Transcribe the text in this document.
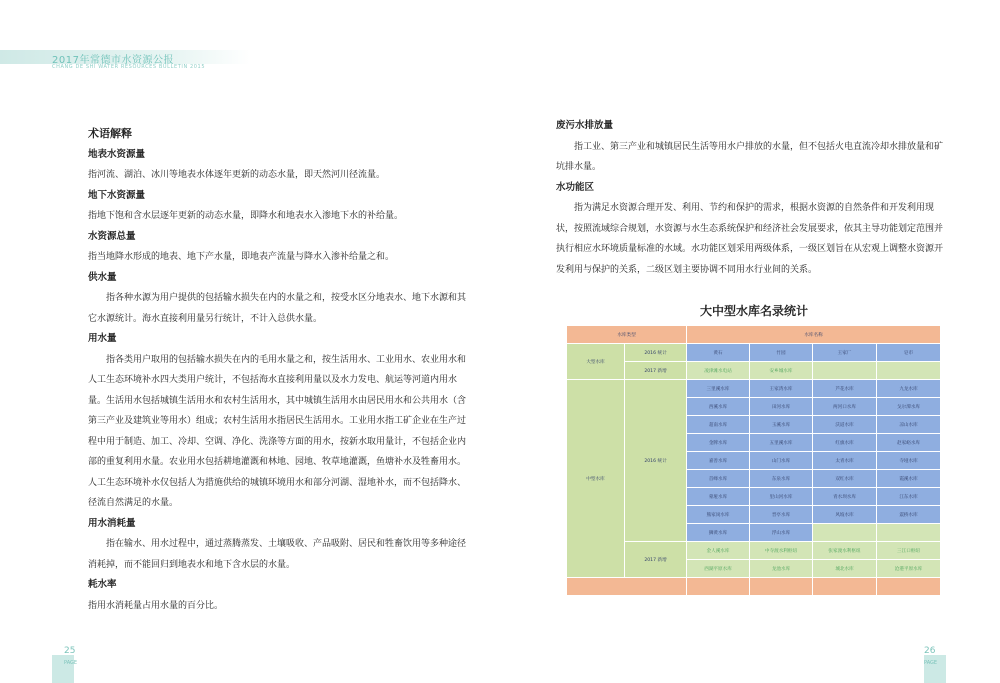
2017年常德市水资源公报
CHANG DE SHI WATER RESOURCES BULLETIN 2015

术语解释

地表水资源量

指河流、湖泊、冰川等地表水体逐年更新的动态水量，即天然河川径流量。

地下水资源量

指地下饱和含水层逐年更新的动态水量，即降水和地表水入渗地下水的补给量。

水资源总量

指当地降水形成的地表、地下产水量，即地表产流量与降水入渗补给量之和。

供水量

指各种水源为用户提供的包括输水损失在内的水量之和，按受水区分地表水、地下水源和其它水源统计。海水直接利用量另行统计，不计入总供水量。

用水量

指各类用户取用的包括输水损失在内的毛用水量之和，按生活用水、工业用水、农业用水和人工生态环境补水四大类用户统计，不包括海水直接利用量以及水力发电、航运等河道内用水量。生活用水包括城镇生活用水和农村生活用水，其中城镇生活用水由居民用水和公共用水（含第三产业及建筑业等用水）组成；农村生活用水指居民生活用水。工业用水指工矿企业在生产过程中用于制造、加工、冷却、空调、净化、洗涤等方面的用水，按新水取用量计，不包括企业内部的重复利用水量。农业用水包括耕地灌溉和林地、园地、牧草地灌溉，鱼塘补水及牲畜用水。人工生态环境补水仅包括人为措施供给的城镇环境用水和部分河湖、湿地补水，而不包括降水、径流自然满足的水量。

用水消耗量

指在输水、用水过程中，通过蒸腾蒸发、土壤吸收、产品吸附、居民和牲畜饮用等多种途径消耗掉，而不能回归到地表水和地下含水层的水量。

耗水率

指用水消耗量占用水量的百分比。

废污水排放量

指工业、第三产业和城镇居民生活等用水户排放的水量，但不包括火电直流冷却水排放量和矿坑排水量。

水功能区

指为满足水资源合理开发、利用、节约和保护的需求，根据水资源的自然条件和开发利用现状，按照流域综合规划，水资源与水生态系统保护和经济社会发展要求，依其主导功能划定范围并执行相应水环境质量标准的水域。水功能区划采用两级体系，一级区划旨在从宏观上调整水资源开发利用与保护的关系，二级区划主要协调不同用水行业间的关系。

大中型水库名录统计
水库类型		水库名称			
大型水库	2016 统计	黄石	竹园	王家厂	皂市
	2017 新增	凌津滩水电站	安乡城水库		
中型水库	2016 统计	三里溪水库	王家湾水库	芦花水库	九龙水库
		西溪水库	田河水库	两河口水库	戈尔潭水库
		超南水库	玉溪水库	沃道水库	凉山水库
		金牌水库	五里溪水库	红旗水库	赵家峪水库
		嘉善水库	山门水库	太青水库	寺垭水库
		首峰水库	东泉水库	双红水库	霞溪水库
		蒙垭水库	里山河水库	青水坝水库	江东水库
		熊家岗水库	晋亭水库	风坡水库	震桥水库
		狮黄水库	浮山水库		
	2017 新增	金人溪水库	中寺渡水利枢纽	张家渡水利枢纽	三江口枢纽
		西湖平原水库	龙池水库	城北水库	沧港平原水库

25
PAGE
26
PAGE
